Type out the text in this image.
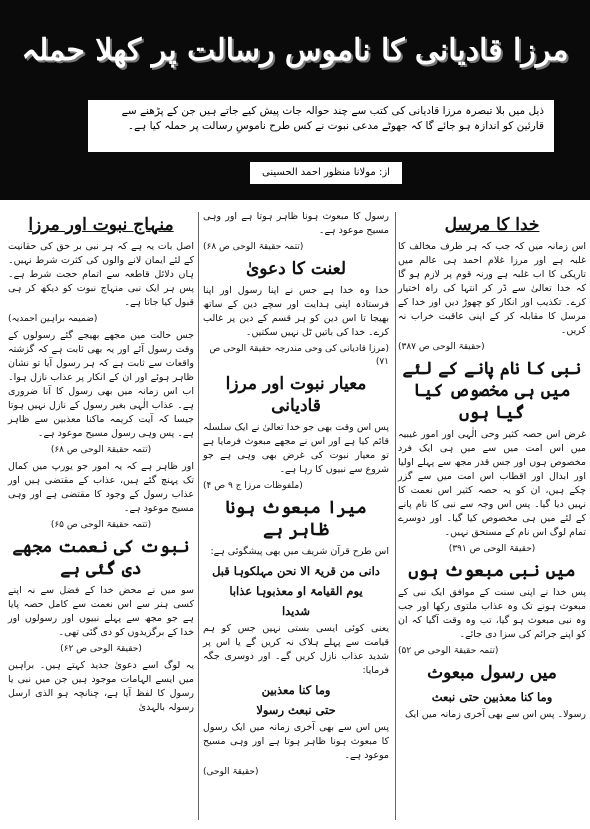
مرزا قادیانی کا ناموس رسالت پر کھلا حملہ
ذیل میں بلا تبصرہ مرزا قادیانی کی کتب سے چند حوالہ جات پیش کیے جاتے ہیں جن کے پڑھنے سے قارئین کو اندازہ ہو جائے گا کہ جھوٹے مدعی نبوت نے کس طرح ناموسِ رسالت پر حملہ کیا ہے۔
از: مولانا منظور احمد الحسینی
خدا کا مرسل

اس زمانہ میں کہ جب کہ ہر طرف مخالف کا غلبہ ہے اور مرزا غلام احمد ہی عالم میں تاریکی کا اب غلبہ ہے ورنہ قوم پر لازم ہو گا کہ خدا تعالیٰ سے ڈر کر انتہا کی راہ اختیار کرے۔ تکذیب اور انکار کو چھوڑ دیں اور خدا کے مرسل کا مقابلہ کر کے اپنی عاقبت خراب نہ کریں۔

(حقیقۃ الوحی ص ۳۸۷)
نبی کا نام پانے کے لئے میں ہی مخصوص کیا گیا ہوں

غرض اس حصہ کثیر وحی الٰہی اور امور غیبیہ میں اس امت میں سے میں ہی ایک فرد مخصوص ہوں اور جس قدر مجھ سے پہلے اولیا اور ابدال اور اقطاب اس امت میں سے گزر چکے ہیں، ان کو یہ حصہ کثیر اس نعمت کا نہیں دیا گیا۔ پس اس وجہ سے نبی کا نام پانے کے لئے میں ہی مخصوص کیا گیا۔ اور دوسرے تمام لوگ اس نام کے مستحق نہیں۔

(حقیقۃ الوحی ص ۳۹۱)
میں نبی مبعوث ہوں

پس خدا نے اپنی سنت کے موافق ایک نبی کے مبعوث ہونے تک وہ عذاب ملتوی رکھا اور جب وہ نبی مبعوث ہو گیا، تب وہ وقت آگیا کہ ان کو اپنے جرائم کی سزا دی جائے۔

(تتمہ حقیقۃ الوحی ص ۵۲)
میں رسول مبعوث
وما کنا معذبین حتی نبعث

رسولا۔ پس اس سے بھی آخری زمانہ میں ایک

رسول کا مبعوث ہونا ظاہر ہوتا ہے اور وہی مسیح موعود ہے۔

(تتمہ حقیقۃ الوحی ص ۶۸)
لعنت کا دعویٰ

خدا وہ خدا ہے جس نے اپنا رسول اور اپنا فرستادہ اپنی ہدایت اور سچے دین کے ساتھ بھیجا تا اس دین کو ہر قسم کے دین پر غالب کرے۔ خدا کی باتیں ٹل نہیں سکتیں۔

(مرزا قادیانی کی وحی مندرجہ حقیقۃ الوحی ص ۷۱)
معیار نبوت اور مرزا قادیانی

پس اس وقت بھی جو خدا تعالیٰ نے ایک سلسلہ قائم کیا ہے اور اس نے مجھے مبعوث فرمایا ہے تو معیار نبوت کی غرض بھی وہی ہے جو شروع سے نبیوں کا رہا ہے۔

(ملفوظات مرزا ج ۹ ص ۴)
میرا مبعوث ہونا ظاہر ہے

اس طرح قرآن شریف میں بھی پیشگوئی ہے:

دانی من قریۃ الا نحن مہلکوہا قبل
یوم القیامۃ او معذبوہا عذابا
شدیدا

یعنی کوئی ایسی بستی نہیں جس کو ہم قیامت سے پہلے ہلاک نہ کریں گے یا اس پر شدید عذاب نازل کریں گے۔ اور دوسری جگہ فرمایا:

وما کنا معذبین
حتی نبعث رسولا

پس اس سے بھی آخری زمانہ میں ایک رسول کا مبعوث ہونا ظاہر ہوتا ہے اور وہی مسیح موعود ہے۔

(حقیقۃ الوحی)
منہاج نبوت اور مرزا

اصل بات یہ ہے کہ ہر نبی بر حق کی حقانیت کے لئے ایمان لانے والوں کی کثرت شرط نہیں۔ ہاں دلائل قاطعہ سے اتمام حجت شرط ہے۔ پس ہر ایک نبی منہاج نبوت کو دیکھ کر ہی قبول کیا جاتا ہے۔

(ضمیمہ براہین احمدیہ)

جس حالت میں مجھے بھیجے گئے رسولوں کے وقت رسول آئے اور یہ بھی ثابت ہے کہ گزشتہ واقعات سے ثابت ہے کہ ہر رسول آیا تو نشان ظاہر ہوئے اور ان کے انکار پر عذاب نازل ہوا۔ اب اس زمانہ میں بھی رسول کا آنا ضروری ہے۔ عذاب الٰہی بغیر رسول کے نازل نہیں ہوتا جیسا کہ آیت کریمہ ماکنا معذبین سے ظاہر ہے۔ پس وہی رسول مسیح موعود ہے۔

(تتمہ حقیقۃ الوحی ص ۶۸)

اور ظاہر ہے کہ یہ امور جو یورپ میں کمال تک پہنچ گئے ہیں، عذاب کے مقتضی ہیں اور عذاب رسول کے وجود کا مقتضی ہے اور وہی مسیح موعود ہے۔

(تتمہ حقیقۃ الوحی ص ۶۵)
نبوت کی نعمت مجھے دی گئی ہے

سو میں نے محض خدا کے فضل سے نہ اپنے کسی ہنر سے اس نعمت سے کامل حصہ پایا ہے جو مجھ سے پہلے نبیوں اور رسولوں اور خدا کے برگزیدوں کو دی گئی تھی۔

(حقیقۃ الوحی ص ۶۲)

یہ لوگ اسے دعویٰ جدید کہتے ہیں۔ براہین میں ایسے الہامات موجود ہیں جن میں نبی یا رسول کا لفظ آیا ہے، چنانچہ ہو الذی ارسل رسولہ بالہدیٰ
